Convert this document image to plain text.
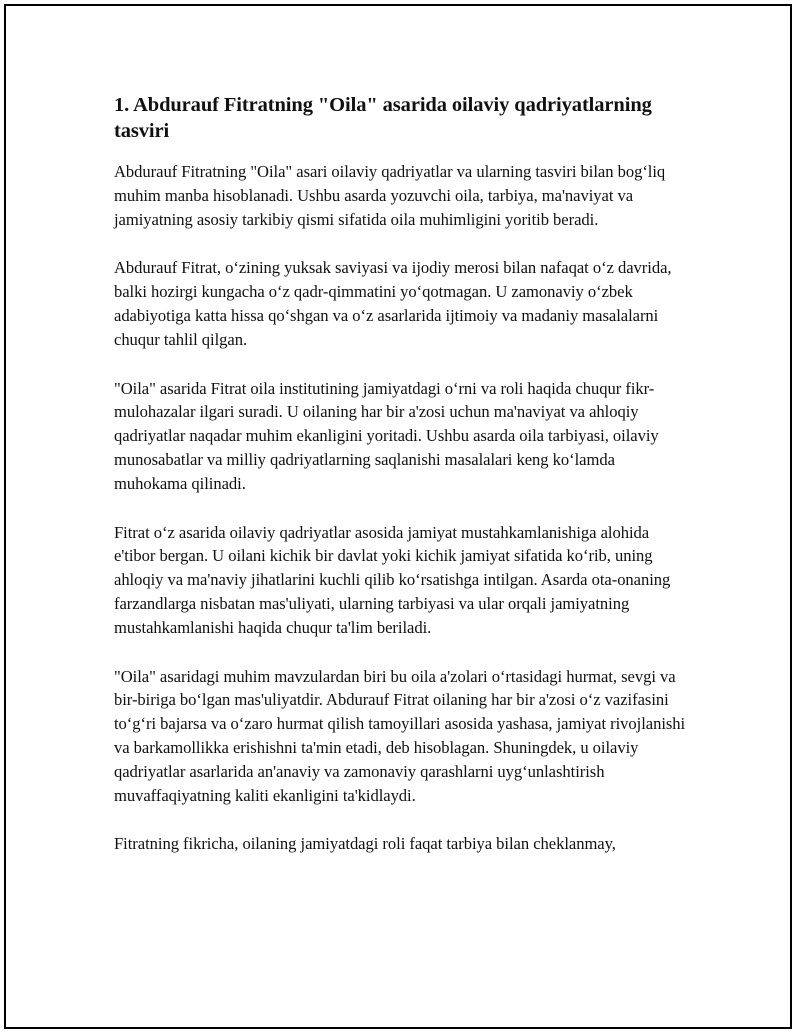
1. Abdurauf Fitratning "Oila" asarida oilaviy qadriyatlarning tasviri

Abdurauf Fitratning "Oila" asari oilaviy qadriyatlar va ularning tasviri bilan bog‘liq muhim manba hisoblanadi. Ushbu asarda yozuvchi oila, tarbiya, ma'naviyat va jamiyatning asosiy tarkibiy qismi sifatida oila muhimligini yoritib beradi.

Abdurauf Fitrat, o‘zining yuksak saviyasi va ijodiy merosi bilan nafaqat o‘z davrida, balki hozirgi kungacha o‘z qadr-qimmatini yo‘qotmagan. U zamonaviy o‘zbek adabiyotiga katta hissa qo‘shgan va o‘z asarlarida ijtimoiy va madaniy masalalarni chuqur tahlil qilgan.

"Oila" asarida Fitrat oila institutining jamiyatdagi o‘rni va roli haqida chuqur fikr-mulohazalar ilgari suradi. U oilaning har bir a'zosi uchun ma'naviyat va ahloqiy qadriyatlar naqadar muhim ekanligini yoritadi. Ushbu asarda oila tarbiyasi, oilaviy munosabatlar va milliy qadriyatlarning saqlanishi masalalari keng ko‘lamda muhokama qilinadi.

Fitrat o‘z asarida oilaviy qadriyatlar asosida jamiyat mustahkamlanishiga alohida e'tibor bergan. U oilani kichik bir davlat yoki kichik jamiyat sifatida ko‘rib, uning ahloqiy va ma'naviy jihatlarini kuchli qilib ko‘rsatishga intilgan. Asarda ota-onaning farzandlarga nisbatan mas'uliyati, ularning tarbiyasi va ular orqali jamiyatning mustahkamlanishi haqida chuqur ta'lim beriladi.

"Oila" asaridagi muhim mavzulardan biri bu oila a'zolari o‘rtasidagi hurmat, sevgi va bir-biriga bo‘lgan mas'uliyatdir. Abdurauf Fitrat oilaning har bir a'zosi o‘z vazifasini to‘g‘ri bajarsa va o‘zaro hurmat qilish tamoyillari asosida yashasa, jamiyat rivojlanishi va barkamollikka erishishni ta'min etadi, deb hisoblagan. Shuningdek, u oilaviy qadriyatlar asarlarida an'anaviy va zamonaviy qarashlarni uyg‘unlashtirish muvaffaqiyatning kaliti ekanligini ta'kidlaydi.

Fitratning fikricha, oilaning jamiyatdagi roli faqat tarbiya bilan cheklanmay,
